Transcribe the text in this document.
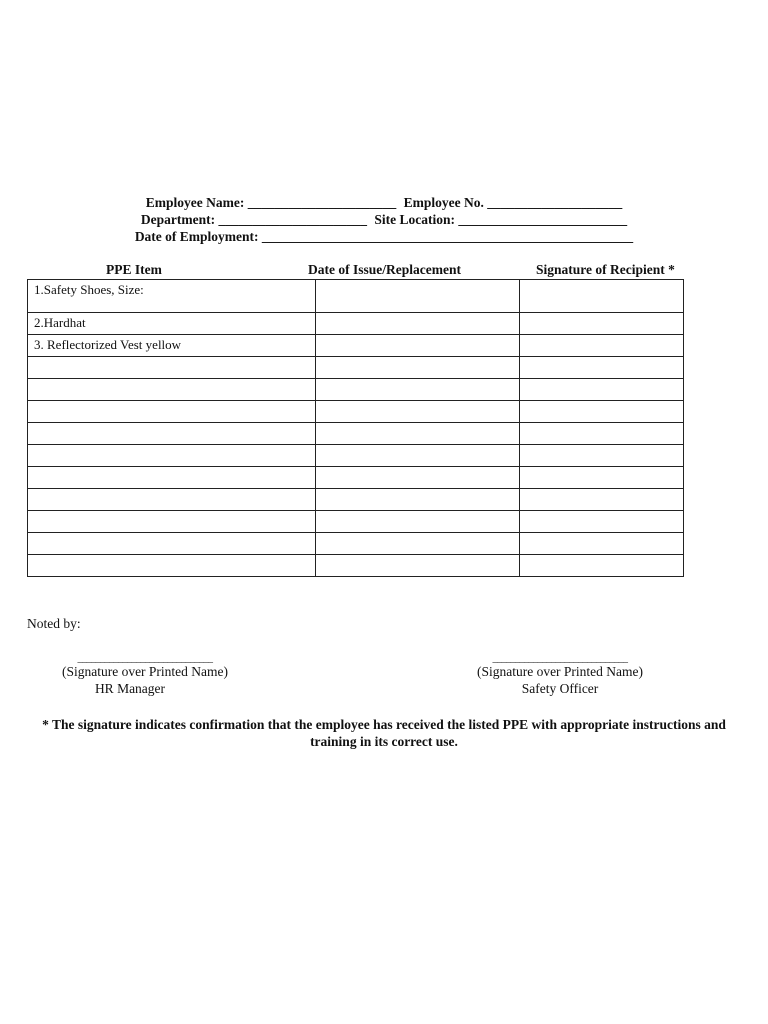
Employee Name: ______________________ Employee No. ____________________
Department: ______________________ Site Location: _________________________
Date of Employment: _______________________________________________________
PPE Item	Date of Issue/Replacement	Signature of Recipient *
1.Safety Shoes, Size:		
2.Hardhat		
3. Reflectorized Vest yellow		

Noted by:
______________________________
(Signature over Printed Name)
HR Manager
______________________________
(Signature over Printed Name)
Safety Officer
* The signature indicates confirmation that the employee has received the listed PPE with appropriate instructions and training in its correct use.
